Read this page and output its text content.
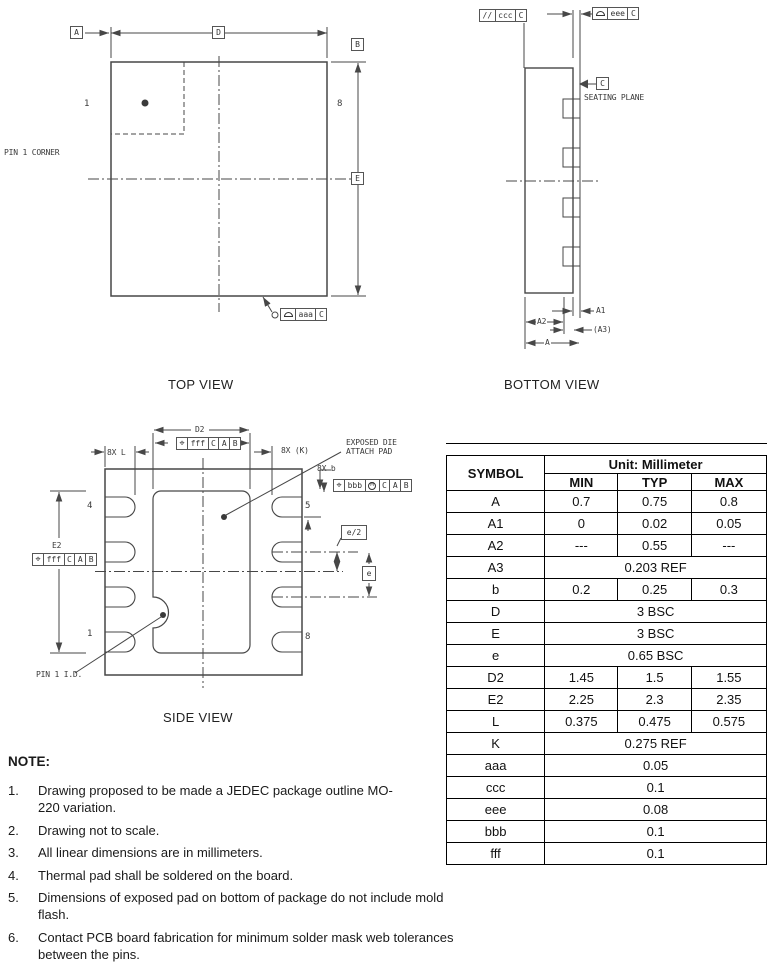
A	D
B
E
1	8
PIN 1 CORNER
aaa C
TOP VIEW
// ccc C	eee C
C
SEATING PLANE
A1
A2
(A3)
A
BOTTOM VIEW
D2
⌖ fff C A B
8X L	8X (K)
EXPOSED DIE
ATTACH PAD
8X b
⌖ bbb	M	C A B
4
1
5
8
e/2
e
E2
⌖ fff C A B
PIN 1 I.D.
SIDE VIEW
SYMBOL	Unit: Millimeter		
	MIN	TYP	MAX
A	0.7	0.75	0.8
A1	0	0.02	0.05
A2	---	0.55	---
A3	0.203 REF		
b	0.2	0.25	0.3
D	3 BSC		
E	3 BSC		
e	0.65 BSC		
D2	1.45	1.5	1.55
E2	2.25	2.3	2.35
L	0.375	0.475	0.575
K	0.275 REF		
aaa	0.05		
ccc	0.1		
eee	0.08		
bbb	0.1		
fff	0.1		
NOTE:
1.	Drawing proposed to be made a JEDEC package outline MO-
220 variation.
2.	Drawing not to scale.
3.	All linear dimensions are in millimeters.
4.	Thermal pad shall be soldered on the board.
5.	Dimensions of exposed pad on bottom of package do not include mold flash.
6.	Contact PCB board fabrication for minimum solder mask web tolerances between the pins.
